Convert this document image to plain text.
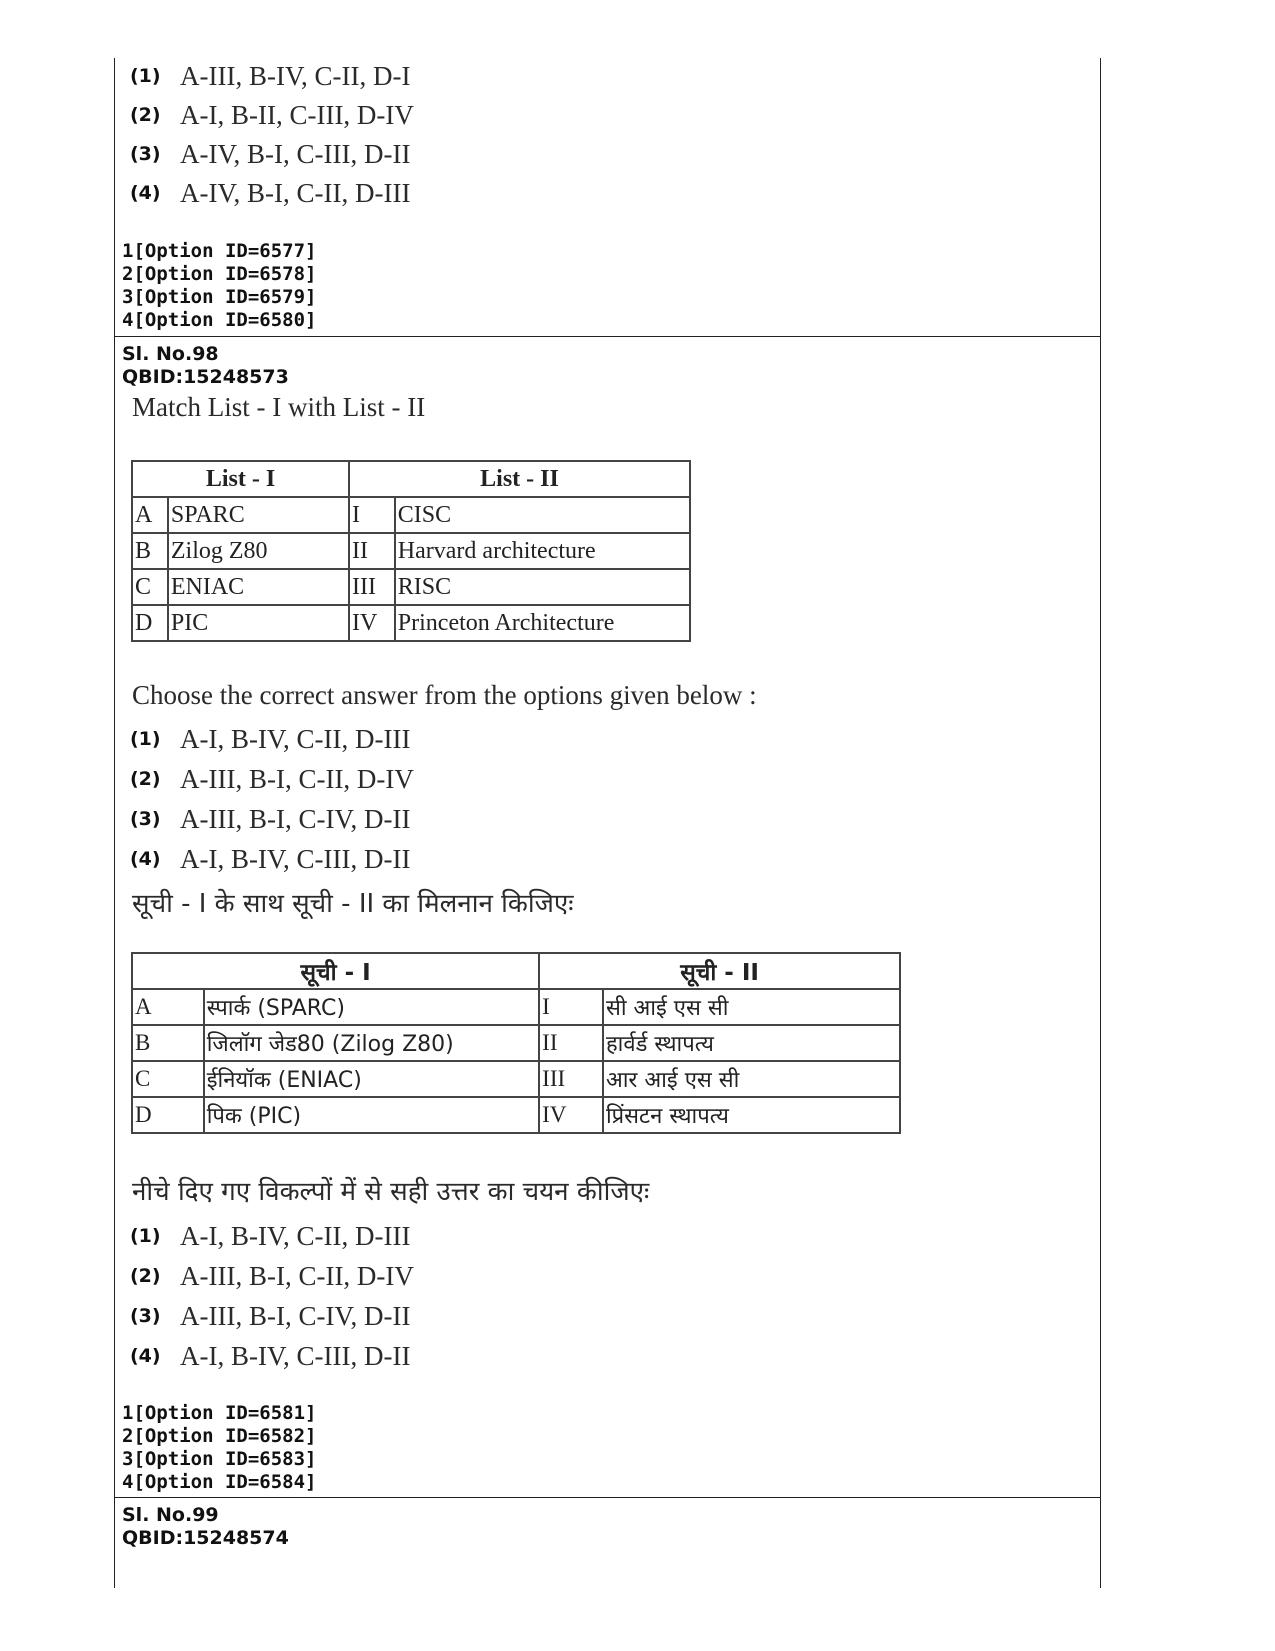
(1) A-III, B-IV, C-II, D-I
(2) A-I, B-II, C-III, D-IV
(3) A-IV, B-I, C-III, D-II
(4) A-IV, B-I, C-II, D-III
1[Option ID=6577]
2[Option ID=6578]
3[Option ID=6579]
4[Option ID=6580]
Sl. No.98
QBID:15248573
Match List - I with List - II
List - I		List - II	
A	SPARC	I	CISC
B	Zilog Z80	II	Harvard architecture
C	ENIAC	III	RISC
D	PIC	IV	Princeton Architecture
Choose the correct answer from the options given below :
(1) A-I, B-IV, C-II, D-III
(2) A-III, B-I, C-II, D-IV
(3) A-III, B-I, C-IV, D-II
(4) A-I, B-IV, C-III, D-II
सूची - I के साथ सूची - II का मिलनान किजिएः
सूची - I		सूची - II	
A	स्पार्क (SPARC)	I	सी आई एस सी
B	जिलॉग जेड80 (Zilog Z80)	II	हार्वर्ड स्थापत्य
C	ईनियॉक (ENIAC)	III	आर आई एस सी
D	पिक (PIC)	IV	प्रिंसटन स्थापत्य
नीचे दिए गए विकल्पों में से सही उत्तर का चयन कीजिएः
(1) A-I, B-IV, C-II, D-III
(2) A-III, B-I, C-II, D-IV
(3) A-III, B-I, C-IV, D-II
(4) A-I, B-IV, C-III, D-II
1[Option ID=6581]
2[Option ID=6582]
3[Option ID=6583]
4[Option ID=6584]
Sl. No.99
QBID:15248574
